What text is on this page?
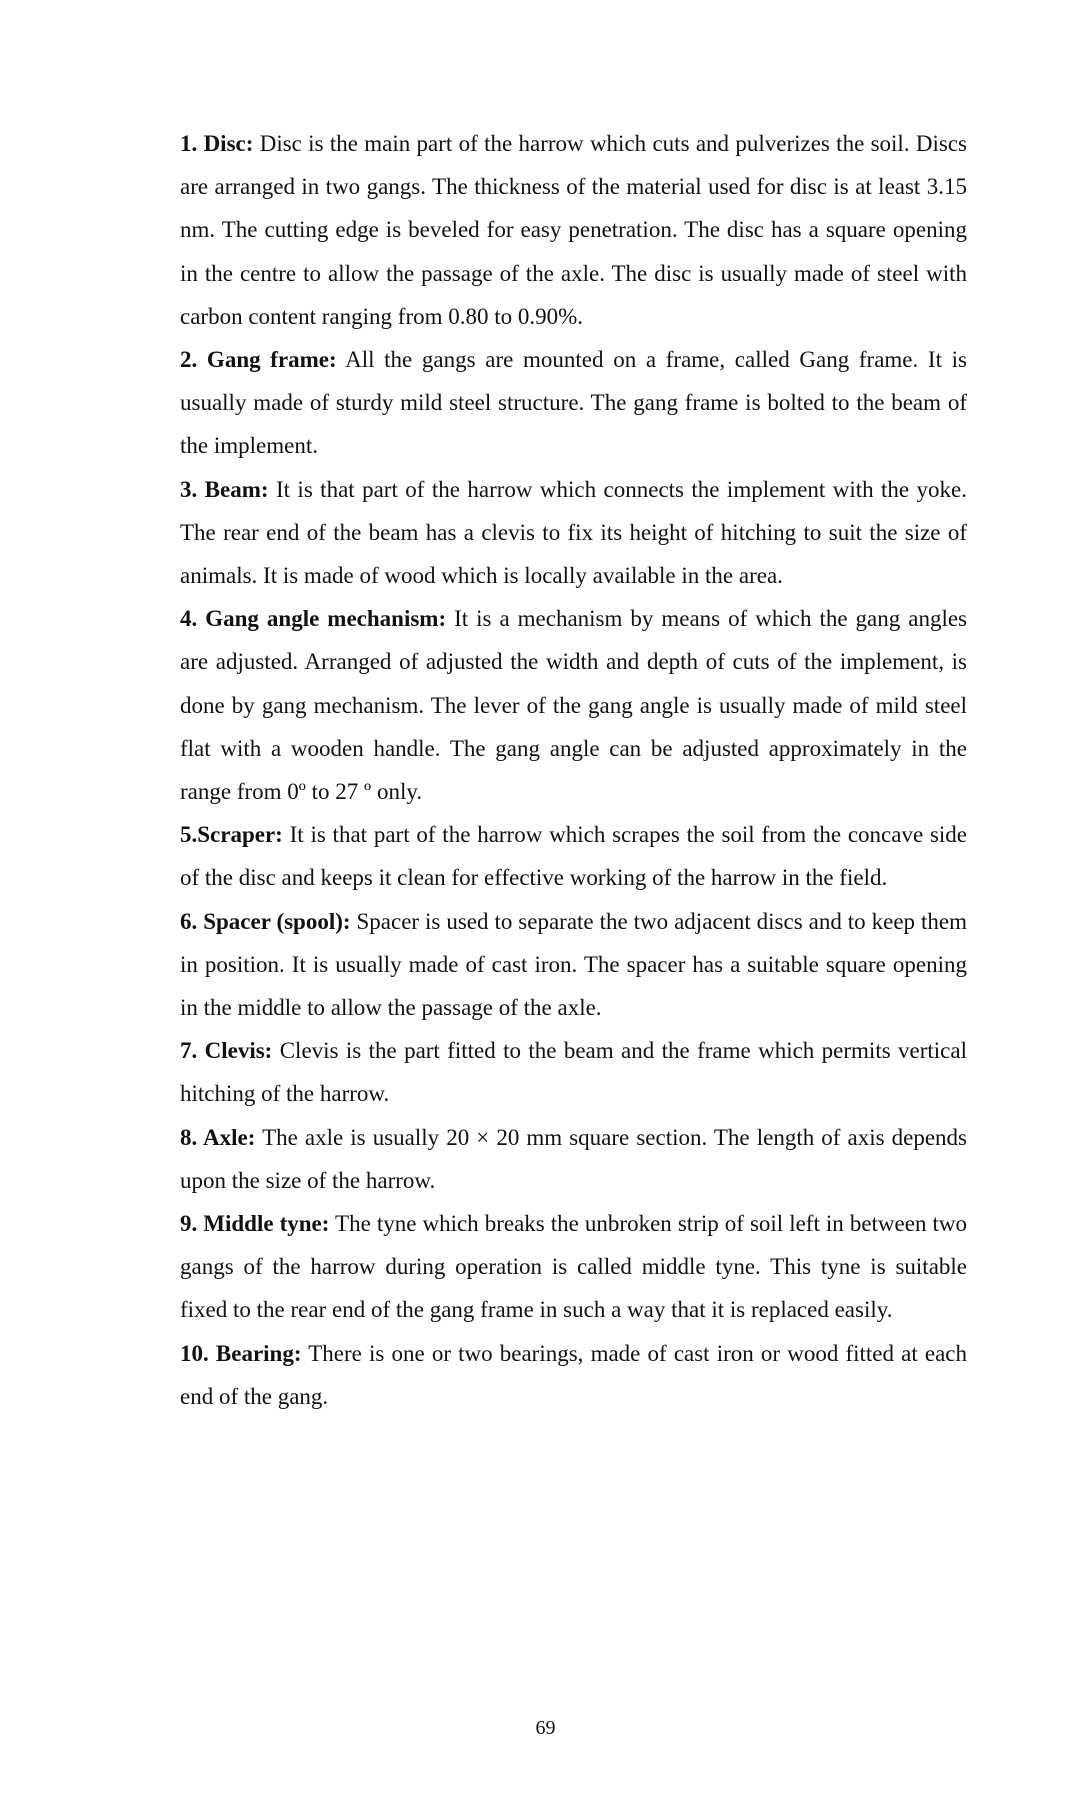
1. Disc: Disc is the main part of the harrow which cuts and pulverizes the soil. Discs are arranged in two gangs. The thickness of the material used for disc is at least 3.15 nm. The cutting edge is beveled for easy penetration. The disc has a square opening in the centre to allow the passage of the axle. The disc is usually made of steel with carbon content ranging from 0.80 to 0.90%.

2. Gang frame: All the gangs are mounted on a frame, called Gang frame. It is usually made of sturdy mild steel structure. The gang frame is bolted to the beam of the implement.

3. Beam: It is that part of the harrow which connects the implement with the yoke. The rear end of the beam has a clevis to fix its height of hitching to suit the size of animals. It is made of wood which is locally available in the area.

4. Gang angle mechanism: It is a mechanism by means of which the gang angles are adjusted. Arranged of adjusted the width and depth of cuts of the implement, is done by gang mechanism. The lever of the gang angle is usually made of mild steel flat with a wooden handle. The gang angle can be adjusted approximately in the range from 0º to 27 º only.

5.Scraper: It is that part of the harrow which scrapes the soil from the concave side of the disc and keeps it clean for effective working of the harrow in the field.

6. Spacer (spool): Spacer is used to separate the two adjacent discs and to keep them in position. It is usually made of cast iron. The spacer has a suitable square opening in the middle to allow the passage of the axle.

7. Clevis: Clevis is the part fitted to the beam and the frame which permits vertical hitching of the harrow.

8. Axle: The axle is usually 20 × 20 mm square section. The length of axis depends upon the size of the harrow.

9. Middle tyne: The tyne which breaks the unbroken strip of soil left in between two gangs of the harrow during operation is called middle tyne. This tyne is suitable fixed to the rear end of the gang frame in such a way that it is replaced easily.

10. Bearing: There is one or two bearings, made of cast iron or wood fitted at each end of the gang.

69
